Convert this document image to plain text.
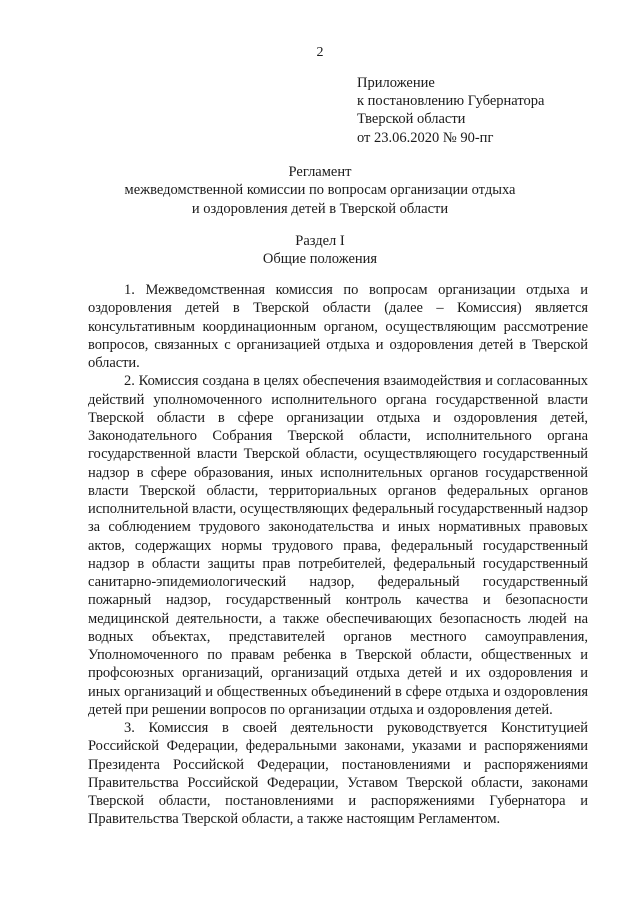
2
Приложение
к постановлению Губернатора
Тверской области
от 23.06.2020 № 90-пг
Регламент
межведомственной комиссии по вопросам организации отдыха
и оздоровления детей в Тверской области
Раздел I
Общие положения

1. Межведомственная комиссия по вопросам организации отдыха и оздоровления детей в Тверской области (далее – Комиссия) является консультативным координационным органом, осуществляющим рассмотрение вопросов, связанных с организацией отдыха и оздоровления детей в Тверской области.

2. Комиссия создана в целях обеспечения взаимодействия и согласованных действий уполномоченного исполнительного органа государственной власти Тверской области в сфере организации отдыха и оздоровления детей, Законодательного Собрания Тверской области, исполнительного органа государственной власти Тверской области, осуществляющего государственный надзор в сфере образования, иных исполнительных органов государственной власти Тверской области, территориальных органов федеральных органов исполнительной власти, осуществляющих федеральный государственный надзор за соблюдением трудового законодательства и иных нормативных правовых актов, содержащих нормы трудового права, федеральный государственный надзор в области защиты прав потребителей, федеральный государственный санитарно-эпидемиологический надзор, федеральный государственный пожарный надзор, государственный контроль качества и безопасности медицинской деятельности, а также обеспечивающих безопасность людей на водных объектах, представителей органов местного самоуправления, Уполномоченного по правам ребенка в Тверской области, общественных и профсоюзных организаций, организаций отдыха детей и их оздоровления и иных организаций и общественных объединений в сфере отдыха и оздоровления детей при решении вопросов по организации отдыха и оздоровления детей.

3. Комиссия в своей деятельности руководствуется Конституцией Российской Федерации, федеральными законами, указами и распоряжениями Президента Российской Федерации, постановлениями и распоряжениями Правительства Российской Федерации, Уставом Тверской области, законами Тверской области, постановлениями и распоряжениями Губернатора и Правительства Тверской области, а также настоящим Регламентом.
